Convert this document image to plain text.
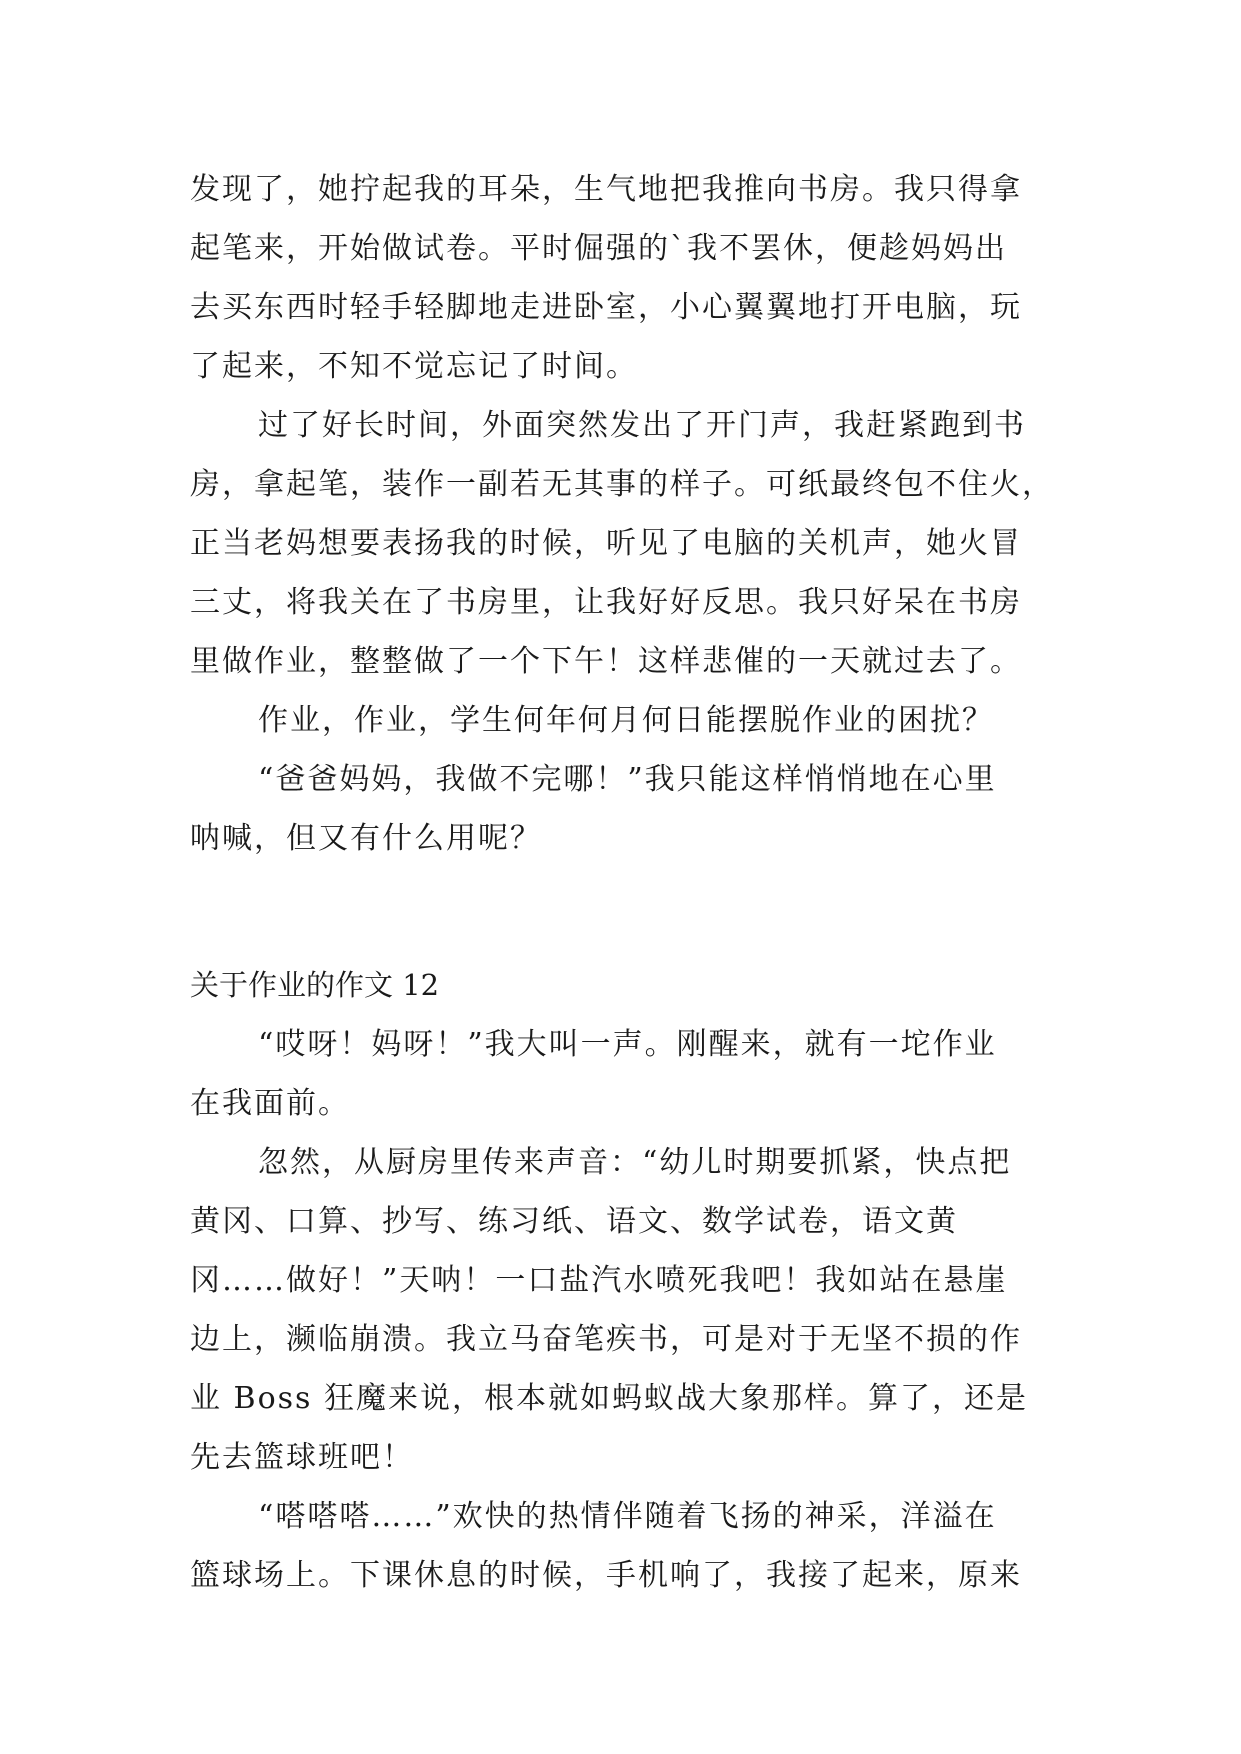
发现了，她拧起我的耳朵，生气地把我推向书房。我只得拿
起笔来，开始做试卷。平时倔强的`我不罢休，便趁妈妈出
去买东西时轻手轻脚地走进卧室，小心翼翼地打开电脑，玩
了起来，不知不觉忘记了时间。
过了好长时间，外面突然发出了开门声，我赶紧跑到书
房，拿起笔，装作一副若无其事的样子。可纸最终包不住火，
正当老妈想要表扬我的时候，听见了电脑的关机声，她火冒
三丈，将我关在了书房里，让我好好反思。我只好呆在书房
里做作业，整整做了一个下午！这样悲催的一天就过去了。
作业，作业，学生何年何月何日能摆脱作业的困扰？
“爸爸妈妈，我做不完哪！”我只能这样悄悄地在心里
呐喊，但又有什么用呢？
关于作业的作文 12
“哎呀！妈呀！”我大叫一声。刚醒来，就有一坨作业
在我面前。
忽然，从厨房里传来声音：“幼儿时期要抓紧，快点把
黄冈、口算、抄写、练习纸、语文、数学试卷，语文黄
冈……做好！”天呐！一口盐汽水喷死我吧！我如站在悬崖
边上，濒临崩溃。我立马奋笔疾书，可是对于无坚不损的作
业 Boss 狂魔来说，根本就如蚂蚁战大象那样。算了，还是
先去篮球班吧！
“嗒嗒嗒……”欢快的热情伴随着飞扬的神采，洋溢在
篮球场上。下课休息的时候，手机响了，我接了起来，原来
